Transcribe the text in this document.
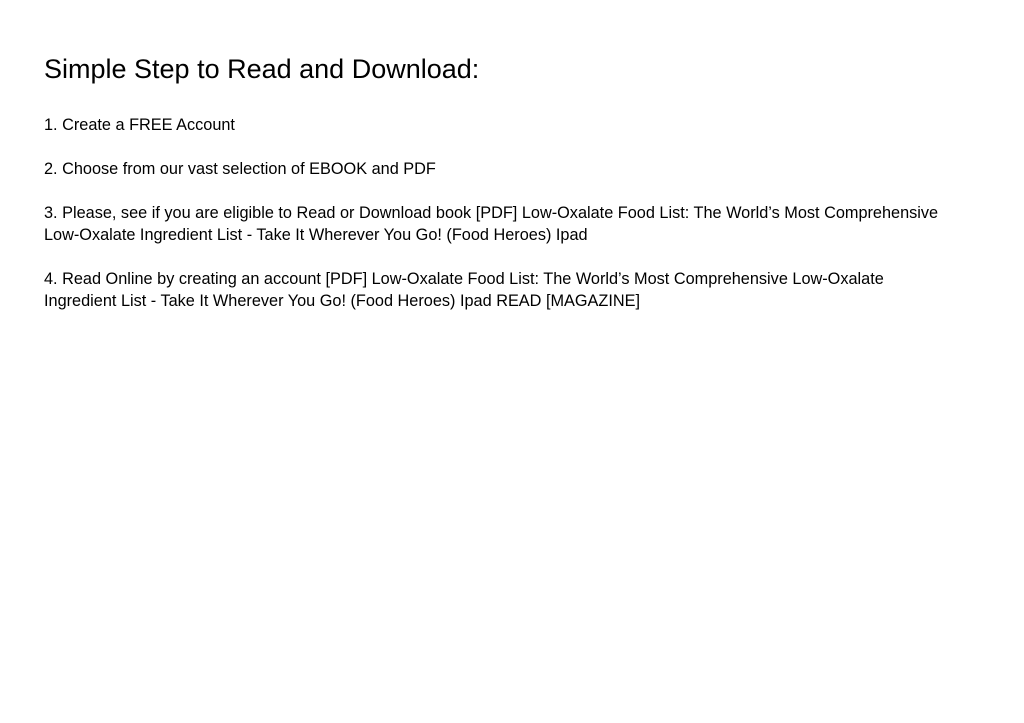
Simple Step to Read and Download:
1. Create a FREE Account
2. Choose from our vast selection of EBOOK and PDF
3. Please, see if you are eligible to Read or Download book [PDF] Low-Oxalate Food List: The World’s Most Comprehensive Low-Oxalate Ingredient List - Take It Wherever You Go! (Food Heroes) Ipad
4. Read Online by creating an account [PDF] Low-Oxalate Food List: The World’s Most Comprehensive Low-Oxalate Ingredient List - Take It Wherever You Go! (Food Heroes) Ipad READ [MAGAZINE]
